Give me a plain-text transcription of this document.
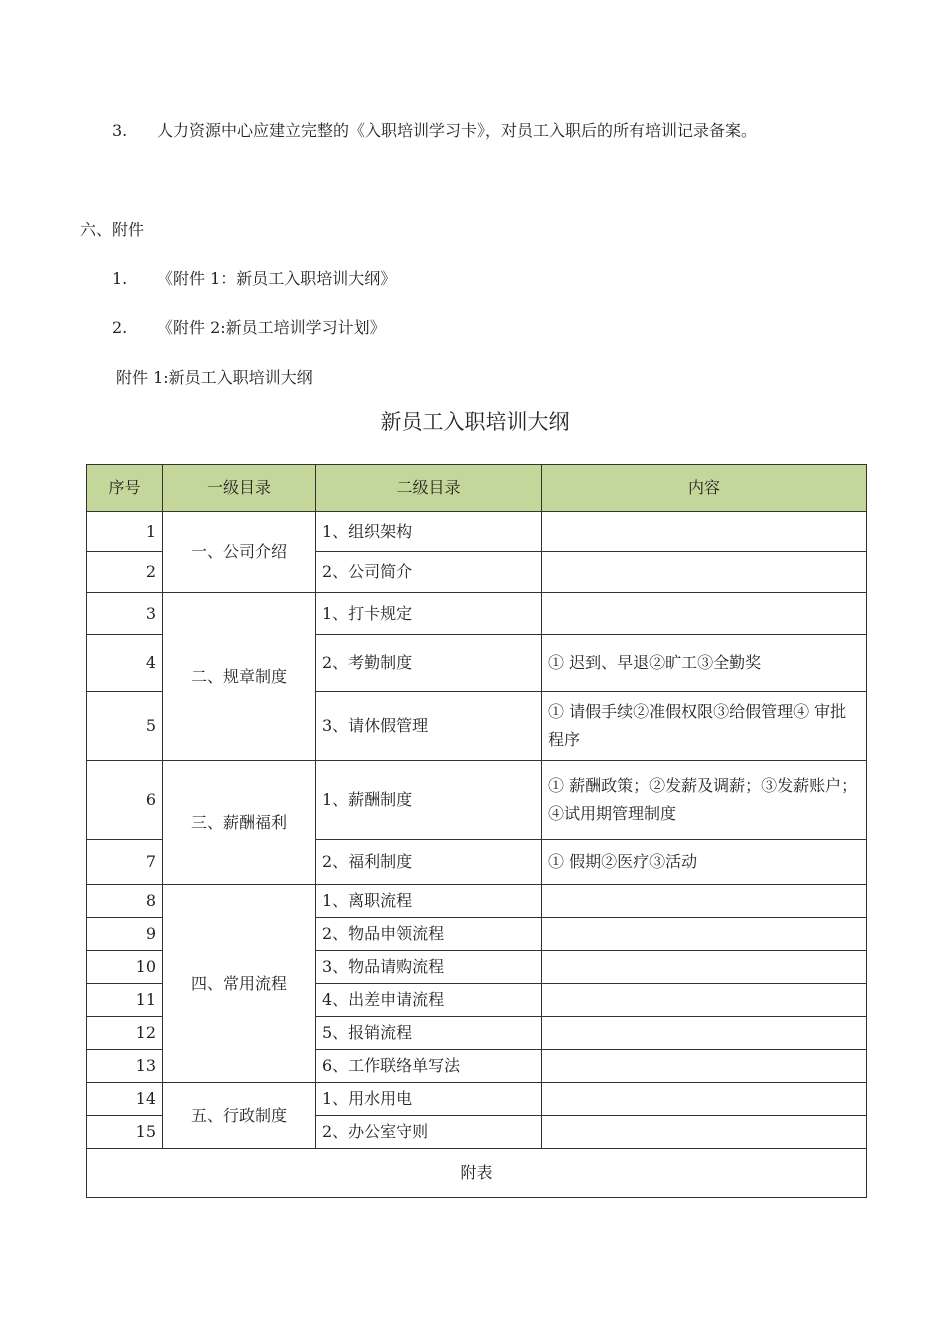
3. 人力资源中心应建立完整的《入职培训学习卡》，对员工入职后的所有培训记录备案。
六、附件
1. 《附件 1：新员工入职培训大纲》
2. 《附件 2:新员工培训学习计划》
附件 1:新员工入职培训大纲
新员工入职培训大纲
序号	一级目录	二级目录	内容
1	一、公司介绍	1、组织架构	
2		2、公司简介	
3	二、规章制度	1、打卡规定	
4		2、考勤制度	① 迟到、早退②旷工③全勤奖
5		3、请休假管理	① 请假手续②准假权限③给假管理④ 审批程序
6	三、薪酬福利	1、薪酬制度	① 薪酬政策；②发薪及调薪；③发薪账户；④试用期管理制度
7		2、福利制度	① 假期②医疗③活动
8	四、常用流程	1、离职流程	
9		2、物品申领流程	
10		3、物品请购流程	
11		4、出差申请流程	
12		5、报销流程	
13		6、工作联络单写法	
14	五、行政制度	1、用水用电	
15		2、办公室守则	
附表			
